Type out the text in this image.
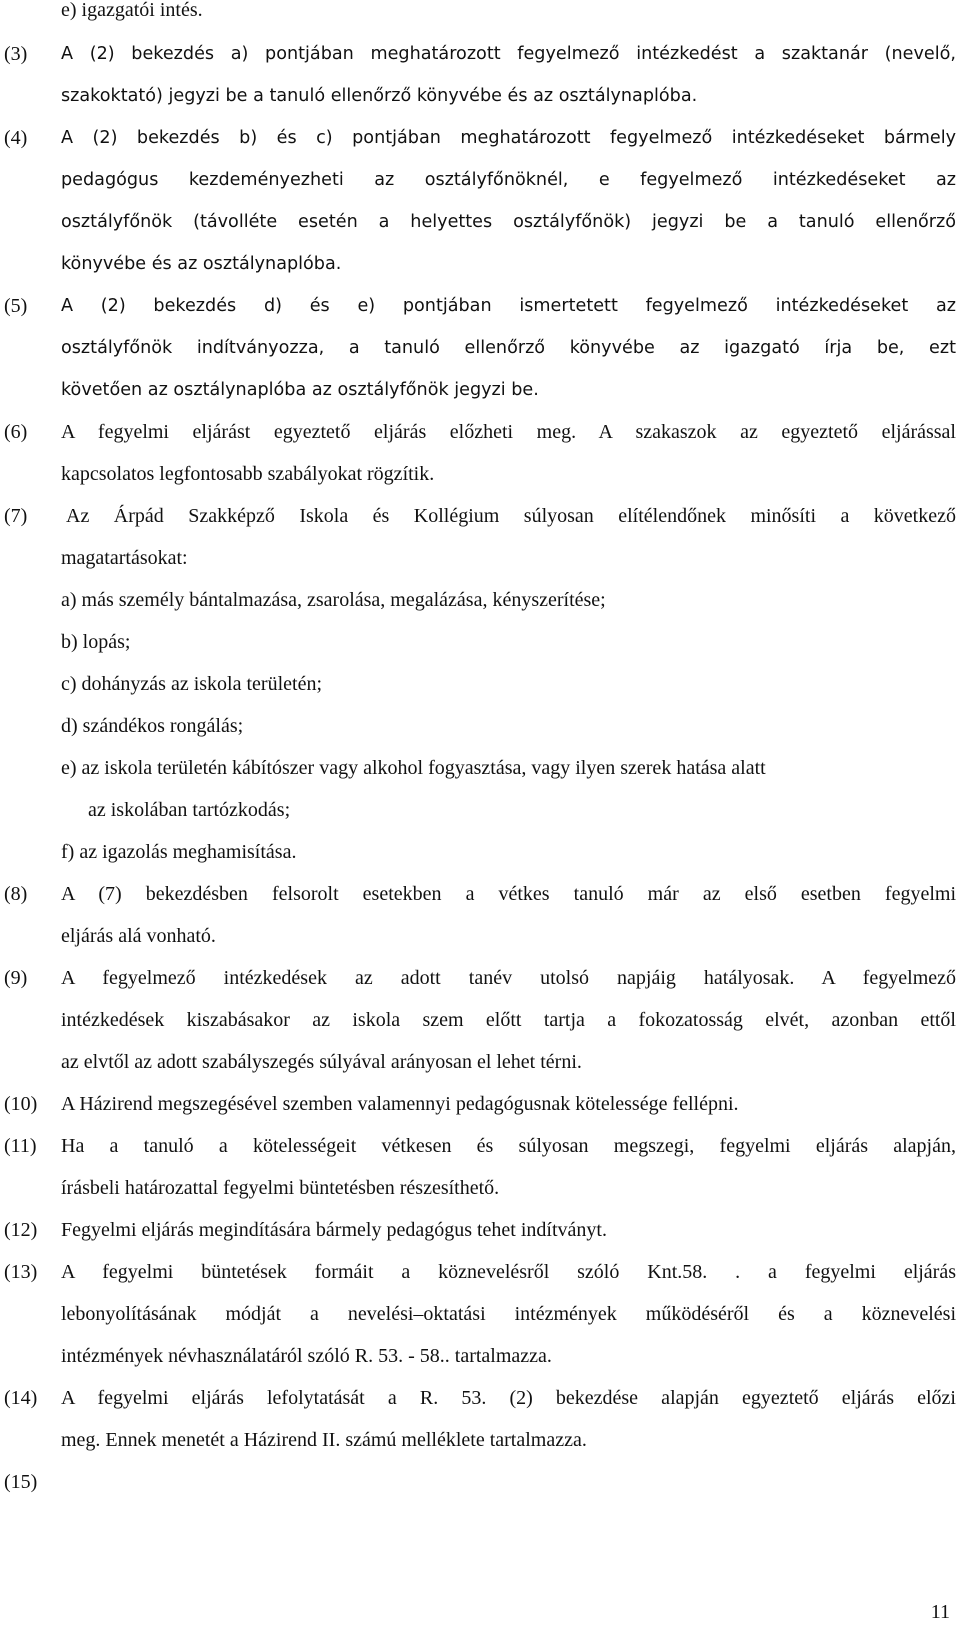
e) igazgatói intés.
(3) A (2) bekezdés a) pontjában meghatározott fegyelmező intézkedést a szaktanár (nevelő,
szakoktató) jegyzi be a tanuló ellenőrző könyvébe és az osztálynaplóba.
(4) A (2) bekezdés b) és c) pontjában meghatározott fegyelmező intézkedéseket bármely
pedagógus kezdeményezheti az osztályfőnöknél, e fegyelmező intézkedéseket az
osztályfőnök (távolléte esetén a helyettes osztályfőnök) jegyzi be a tanuló ellenőrző
könyvébe és az osztálynaplóba.
(5) A (2) bekezdés d) és e) pontjában ismertetett fegyelmező intézkedéseket az
osztályfőnök indítványozza, a tanuló ellenőrző könyvébe az igazgató írja be, ezt
követően az osztálynaplóba az osztályfőnök jegyzi be.
(6) A fegyelmi eljárást egyeztető eljárás előzheti meg. A szakaszok az egyeztető eljárással
kapcsolatos legfontosabb szabályokat rögzítik.
(7) Az Árpád Szakképző Iskola és Kollégium súlyosan elítélendőnek minősíti a következő
magatartásokat:
a) más személy bántalmazása, zsarolása, megalázása, kényszerítése;
b) lopás;
c) dohányzás az iskola területén;
d) szándékos rongálás;
e) az iskola területén kábítószer vagy alkohol fogyasztása, vagy ilyen szerek hatása alatt
az iskolában tartózkodás;
f) az igazolás meghamisítása.
(8) A (7) bekezdésben felsorolt esetekben a vétkes tanuló már az első esetben fegyelmi
eljárás alá vonható.
(9) A fegyelmező intézkedések az adott tanév utolsó napjáig hatályosak. A fegyelmező
intézkedések kiszabásakor az iskola szem előtt tartja a fokozatosság elvét, azonban ettől
az elvtől az adott szabályszegés súlyával arányosan el lehet térni.
(10) A Házirend megszegésével szemben valamennyi pedagógusnak kötelessége fellépni.
(11) Ha a tanuló a kötelességeit vétkesen és súlyosan megszegi, fegyelmi eljárás alapján,
írásbeli határozattal fegyelmi büntetésben részesíthető.
(12) Fegyelmi eljárás megindítására bármely pedagógus tehet indítványt.
(13) A fegyelmi büntetések formáit a köznevelésről szóló Knt.58. . a fegyelmi eljárás
lebonyolításának módját a nevelési–oktatási intézmények működéséről és a köznevelési
intézmények névhasználatáról szóló R. 53. - 58.. tartalmazza.
(14) A fegyelmi eljárás lefolytatását a R. 53. (2) bekezdése alapján egyeztető eljárás előzi
meg. Ennek menetét a Házirend II. számú melléklete tartalmazza.
(15)
11
